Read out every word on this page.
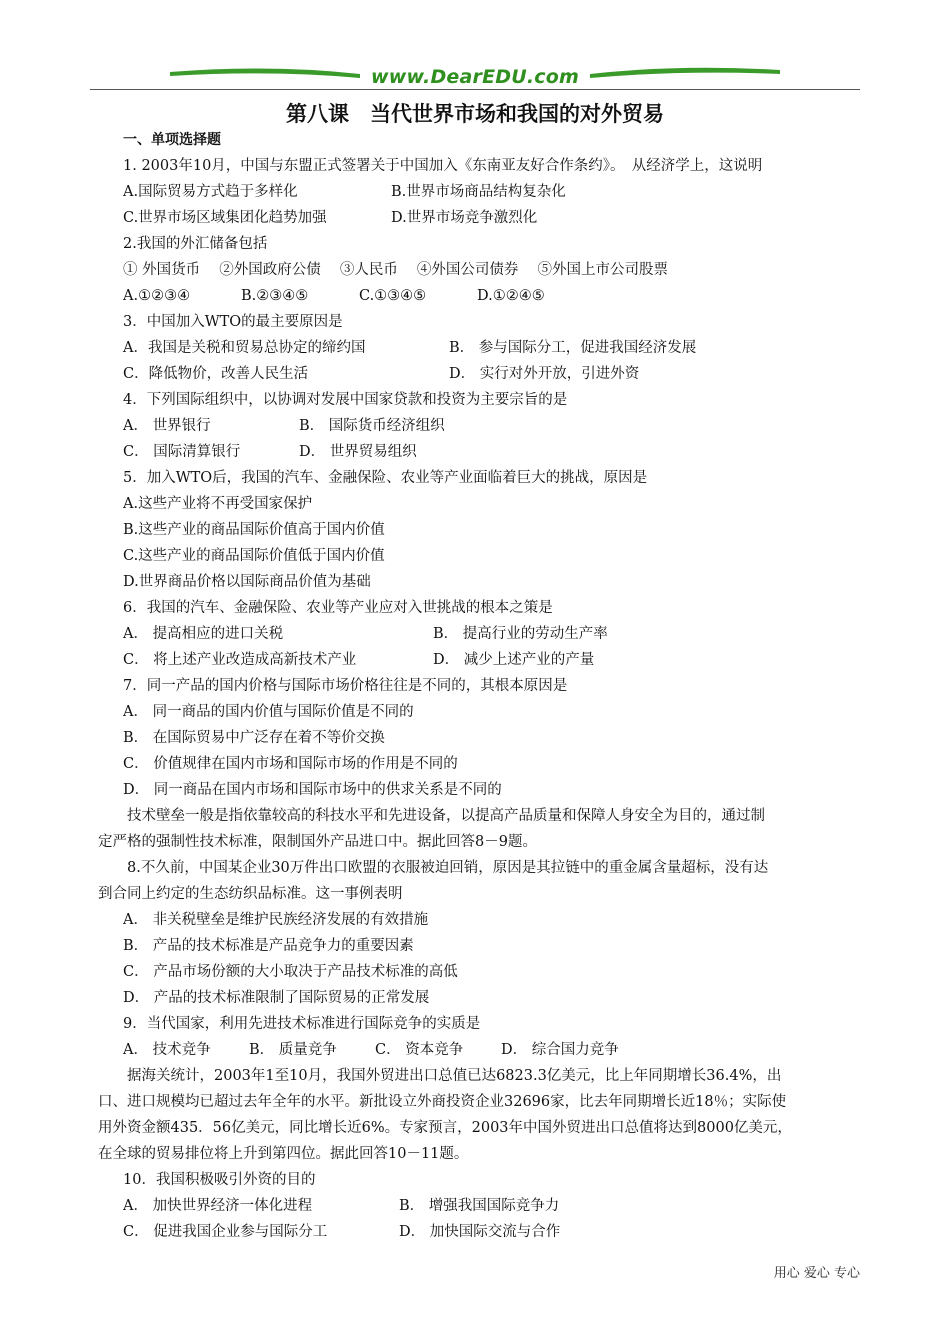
www.DearEDU.com
第八课　当代世界市场和我国的对外贸易
一、单项选择题
1. 2003年10月，中国与东盟正式签署关于中国加入《东南亚友好合作条约》。　从经济学上，这说明
A.国际贸易方式趋于多样化	B.世界市场商品结构复杂化
C.世界市场区域集团化趋势加强	D.世界市场竞争激烈化
2.我国的外汇储备包括
① 外国货币　 ②外国政府公债　 ③人民币　 ④外国公司债券　 ⑤外国上市公司股票
A.①②③④	B.②③④⑤	C.①③④⑤	D.①②④⑤
3．中国加入WTO的最主要原因是
A．我国是关税和贸易总协定的缔约国	B． 参与国际分工，促进我国经济发展
C．降低物价，改善人民生活	D． 实行对外开放，引进外资
4．下列国际组织中，以协调对发展中国家贷款和投资为主要宗旨的是
A． 世界银行	B． 国际货币经济组织
C． 国际清算银行	D． 世界贸易组织
5．加入WTO后，我国的汽车、金融保险、农业等产业面临着巨大的挑战，原因是
A.这些产业将不再受国家保护
B.这些产业的商品国际价值高于国内价值
C.这些产业的商品国际价值低于国内价值
D.世界商品价格以国际商品价值为基础
6．我国的汽车、金融保险、农业等产业应对入世挑战的根本之策是
A． 提高相应的进口关税	B． 提高行业的劳动生产率
C． 将上述产业改造成高新技术产业	D． 减少上述产业的产量
7．同一产品的国内价格与国际市场价格往往是不同的，其根本原因是
A． 同一商品的国内价值与国际价值是不同的
B． 在国际贸易中广泛存在着不等价交换
C． 价值规律在国内市场和国际市场的作用是不同的
D． 同一商品在国内市场和国际市场中的供求关系是不同的
技术壁垒一般是指依靠较高的科技水平和先进设备，以提高产品质量和保障人身安全为目的，通过制
定严格的强制性技术标准，限制国外产品进口中。据此回答8－9题。
8.不久前，中国某企业30万件出口欧盟的衣服被迫回销，原因是其拉链中的重金属含量超标，没有达
到合同上约定的生态纺织品标准。这一事例表明
A． 非关税壁垒是维护民族经济发展的有效措施
B． 产品的技术标准是产品竞争力的重要因素
C． 产品市场份额的大小取决于产品技术标准的高低
D． 产品的技术标准限制了国际贸易的正常发展
9．当代国家，利用先进技术标准进行国际竞争的实质是
A． 技术竞争	B． 质量竞争	C． 资本竞争	D． 综合国力竞争
据海关统计，2003年1至10月，我国外贸进出口总值已达6823.3亿美元，比上年同期增长36.4%，出
口、进口规模均已超过去年全年的水平。新批设立外商投资企业32696家，比去年同期增长近18％；实际使
用外资金额435．56亿美元，同比增长近6%。专家预言，2003年中国外贸进出口总值将达到8000亿美元，
在全球的贸易排位将上升到第四位。据此回答10－11题。
10．我国积极吸引外资的目的
A． 加快世界经济一体化进程	B． 增强我国国际竞争力
C． 促进我国企业参与国际分工	D． 加快国际交流与合作
用心 爱心 专心
